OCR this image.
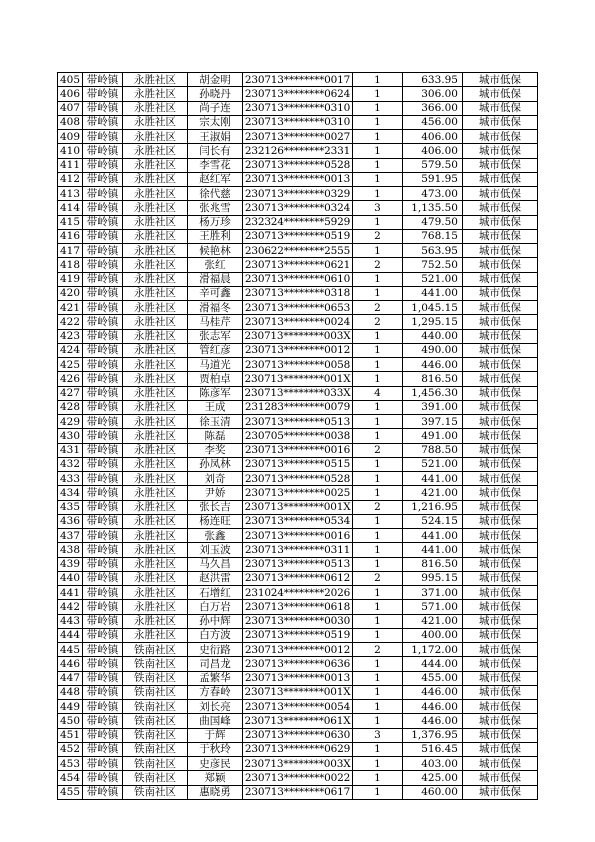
405	带岭镇	永胜社区	胡金明	230713********0017	1	633.95	城市低保
406	带岭镇	永胜社区	孙晓丹	230713********0624	1	306.00	城市低保
407	带岭镇	永胜社区	尚子连	230713********0310	1	366.00	城市低保
408	带岭镇	永胜社区	宗太刚	230713********0310	1	456.00	城市低保
409	带岭镇	永胜社区	王淑娟	230713********0027	1	406.00	城市低保
410	带岭镇	永胜社区	闫长有	232126********2331	1	406.00	城市低保
411	带岭镇	永胜社区	李雪花	230713********0528	1	579.50	城市低保
412	带岭镇	永胜社区	赵红军	230713********0013	1	591.95	城市低保
413	带岭镇	永胜社区	徐代慈	230713********0329	1	473.00	城市低保
414	带岭镇	永胜社区	张兆雪	230713********0324	3	1,135.50	城市低保
415	带岭镇	永胜社区	杨万珍	232324********5929	1	479.50	城市低保
416	带岭镇	永胜社区	王胜利	230713********0519	2	768.15	城市低保
417	带岭镇	永胜社区	候艳林	230622********2555	1	563.95	城市低保
418	带岭镇	永胜社区	张红	230713********0621	2	752.50	城市低保
419	带岭镇	永胜社区	滑福晨	230713********0610	1	521.00	城市低保
420	带岭镇	永胜社区	辛可鑫	230713********0318	1	441.00	城市低保
421	带岭镇	永胜社区	滑福冬	230713********0653	2	1,045.15	城市低保
422	带岭镇	永胜社区	马桂芹	230713********0024	2	1,295.15	城市低保
423	带岭镇	永胜社区	张志军	230713********003X	1	440.00	城市低保
424	带岭镇	永胜社区	管红彦	230713********0012	1	490.00	城市低保
425	带岭镇	永胜社区	马道光	230713********0058	1	446.00	城市低保
426	带岭镇	永胜社区	贾柏卓	230713********001X	1	816.50	城市低保
427	带岭镇	永胜社区	陈彦军	230713********033X	4	1,456.30	城市低保
428	带岭镇	永胜社区	王成	231283********0079	1	391.00	城市低保
429	带岭镇	永胜社区	徐玉清	230713********0513	1	397.15	城市低保
430	带岭镇	永胜社区	陈磊	230705********0038	1	491.00	城市低保
431	带岭镇	永胜社区	李奖	230713********0016	2	788.50	城市低保
432	带岭镇	永胜社区	孙凤林	230713********0515	1	521.00	城市低保
433	带岭镇	永胜社区	刘奇	230713********0528	1	441.00	城市低保
434	带岭镇	永胜社区	尹娇	230713********0025	1	421.00	城市低保
435	带岭镇	永胜社区	张长吉	230713********001X	2	1,216.95	城市低保
436	带岭镇	永胜社区	杨连旺	230713********0534	1	524.15	城市低保
437	带岭镇	永胜社区	张鑫	230713********0016	1	441.00	城市低保
438	带岭镇	永胜社区	刘玉波	230713********0311	1	441.00	城市低保
439	带岭镇	永胜社区	马久昌	230713********0513	1	816.50	城市低保
440	带岭镇	永胜社区	赵洪雷	230713********0612	2	995.15	城市低保
441	带岭镇	永胜社区	石增红	231024********2026	1	371.00	城市低保
442	带岭镇	永胜社区	白万岩	230713********0618	1	571.00	城市低保
443	带岭镇	永胜社区	孙中辉	230713********0030	1	421.00	城市低保
444	带岭镇	永胜社区	白方波	230713********0519	1	400.00	城市低保
445	带岭镇	铁南社区	史衍路	230713********0012	2	1,172.00	城市低保
446	带岭镇	铁南社区	司昌龙	230713********0636	1	444.00	城市低保
447	带岭镇	铁南社区	孟繁华	230713********0013	1	455.00	城市低保
448	带岭镇	铁南社区	方春岭	230713********001X	1	446.00	城市低保
449	带岭镇	铁南社区	刘长亮	230713********0054	1	446.00	城市低保
450	带岭镇	铁南社区	曲国峰	230713********061X	1	446.00	城市低保
451	带岭镇	铁南社区	于辉	230713********0630	3	1,376.95	城市低保
452	带岭镇	铁南社区	于秋玲	230713********0629	1	516.45	城市低保
453	带岭镇	铁南社区	史彦民	230713********003X	1	403.00	城市低保
454	带岭镇	铁南社区	郑颖	230713********0022	1	425.00	城市低保
455	带岭镇	铁南社区	惠晓勇	230713********0617	1	460.00	城市低保
